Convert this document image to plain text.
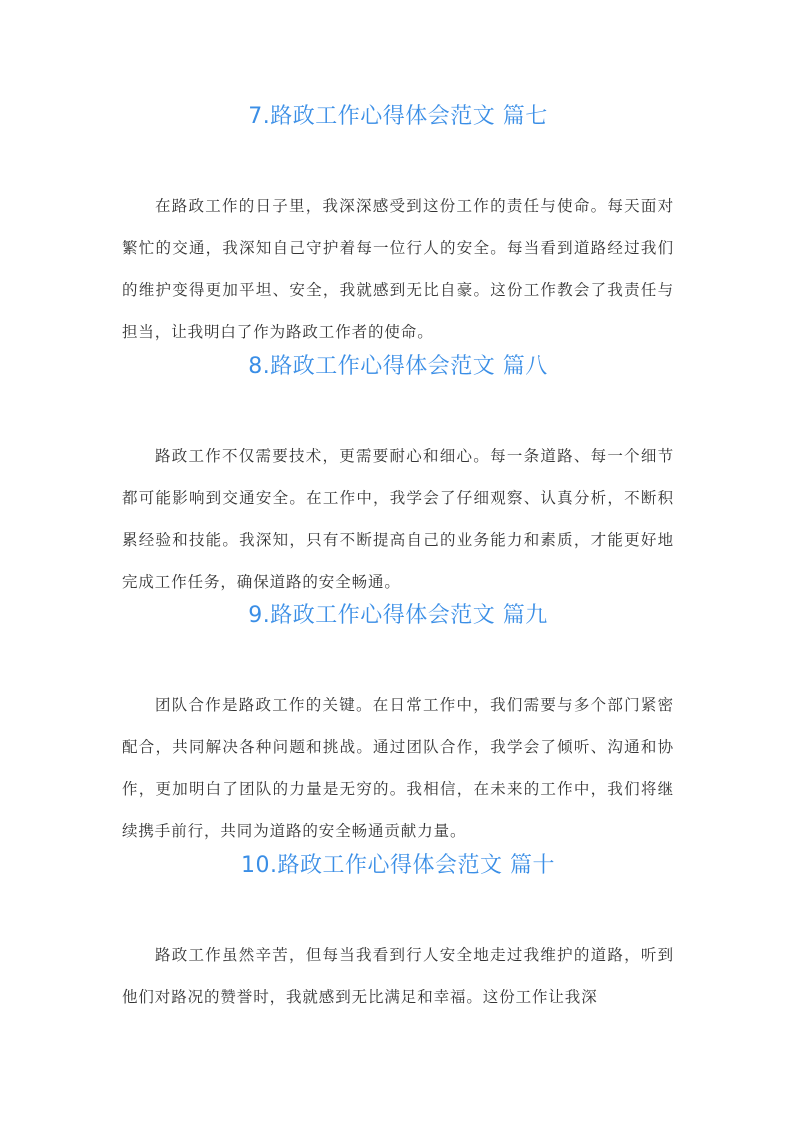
7.路政工作心得体会范文 篇七

在路政工作的日子里，我深深感受到这份工作的责任与使命。每天面对繁忙的交通，我深知自己守护着每一位行人的安全。每当看到道路经过我们的维护变得更加平坦、安全，我就感到无比自豪。这份工作教会了我责任与担当，让我明白了作为路政工作者的使命。

8.路政工作心得体会范文 篇八

路政工作不仅需要技术，更需要耐心和细心。每一条道路、每一个细节都可能影响到交通安全。在工作中，我学会了仔细观察、认真分析，不断积累经验和技能。我深知，只有不断提高自己的业务能力和素质，才能更好地完成工作任务，确保道路的安全畅通。

9.路政工作心得体会范文 篇九

团队合作是路政工作的关键。在日常工作中，我们需要与多个部门紧密配合，共同解决各种问题和挑战。通过团队合作，我学会了倾听、沟通和协作，更加明白了团队的力量是无穷的。我相信，在未来的工作中，我们将继续携手前行，共同为道路的安全畅通贡献力量。

10.路政工作心得体会范文 篇十

路政工作虽然辛苦，但每当我看到行人安全地走过我维护的道路，听到他们对路况的赞誉时，我就感到无比满足和幸福。这份工作让我深
